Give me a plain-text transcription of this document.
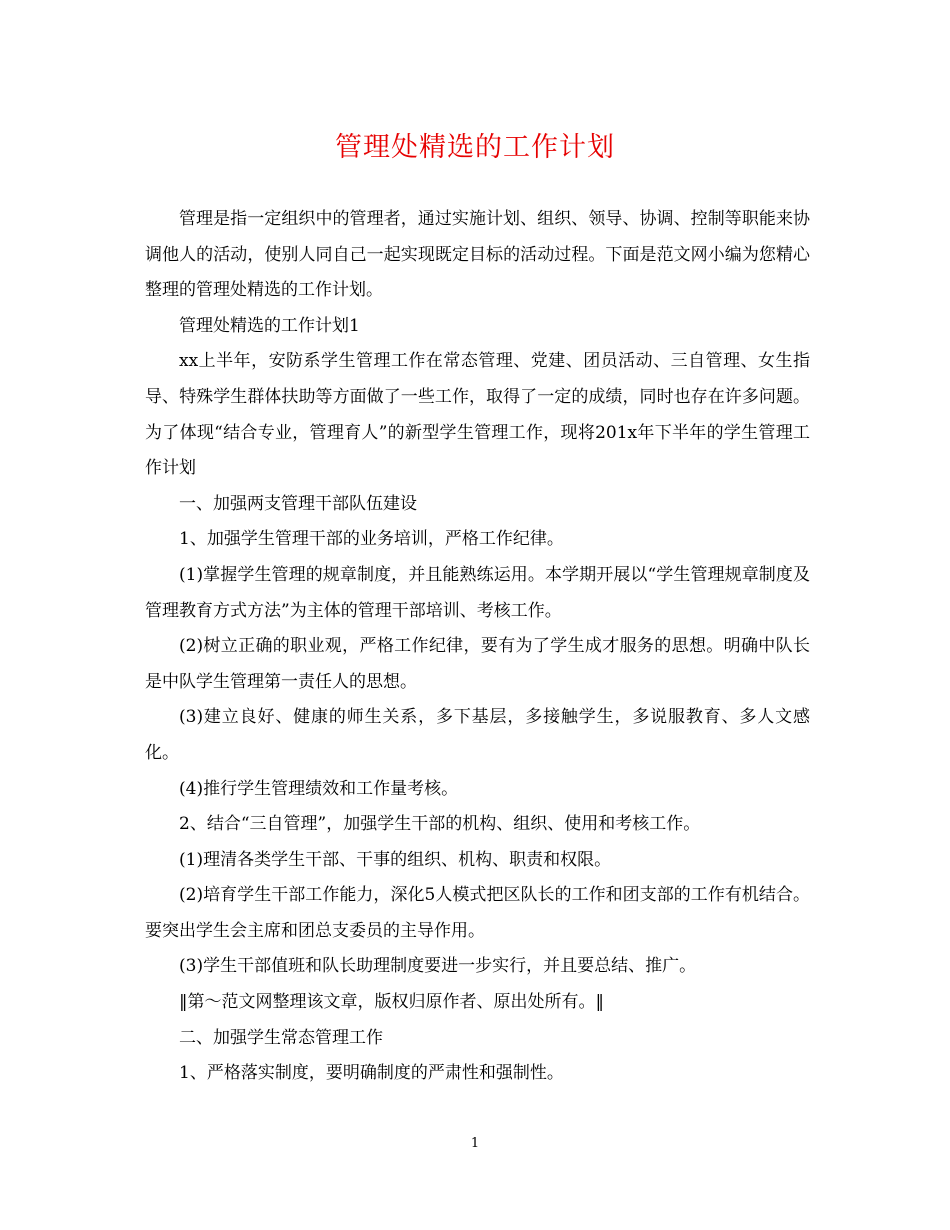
管理处精选的工作计划

管理是指一定组织中的管理者，通过实施计划、组织、领导、协调、控制等职能来协调他人的活动，使别人同自己一起实现既定目标的活动过程。下面是范文网小编为您精心整理的管理处精选的工作计划。

管理处精选的工作计划1

xx上半年，安防系学生管理工作在常态管理、党建、团员活动、三自管理、女生指导、特殊学生群体扶助等方面做了一些工作，取得了一定的成绩，同时也存在许多问题。为了体现“结合专业，管理育人”的新型学生管理工作，现将201x年下半年的学生管理工作计划

一、加强两支管理干部队伍建设

1、加强学生管理干部的业务培训，严格工作纪律。

(1)掌握学生管理的规章制度，并且能熟练运用。本学期开展以“学生管理规章制度及管理教育方式方法”为主体的管理干部培训、考核工作。

(2)树立正确的职业观，严格工作纪律，要有为了学生成才服务的思想。明确中队长是中队学生管理第一责任人的思想。

(3)建立良好、健康的师生关系，多下基层，多接触学生，多说服教育、多人文感化。

(4)推行学生管理绩效和工作量考核。

2、结合“三自管理”，加强学生干部的机构、组织、使用和考核工作。

(1)理清各类学生干部、干事的组织、机构、职责和权限。

(2)培育学生干部工作能力，深化5人模式把区队长的工作和团支部的工作有机结合。要突出学生会主席和团总支委员的主导作用。

(3)学生干部值班和队长助理制度要进一步实行，并且要总结、推广。

‖第～范文网整理该文章，版权归原作者、原出处所有。‖

二、加强学生常态管理工作

1、严格落实制度，要明确制度的严肃性和强制性。

1
